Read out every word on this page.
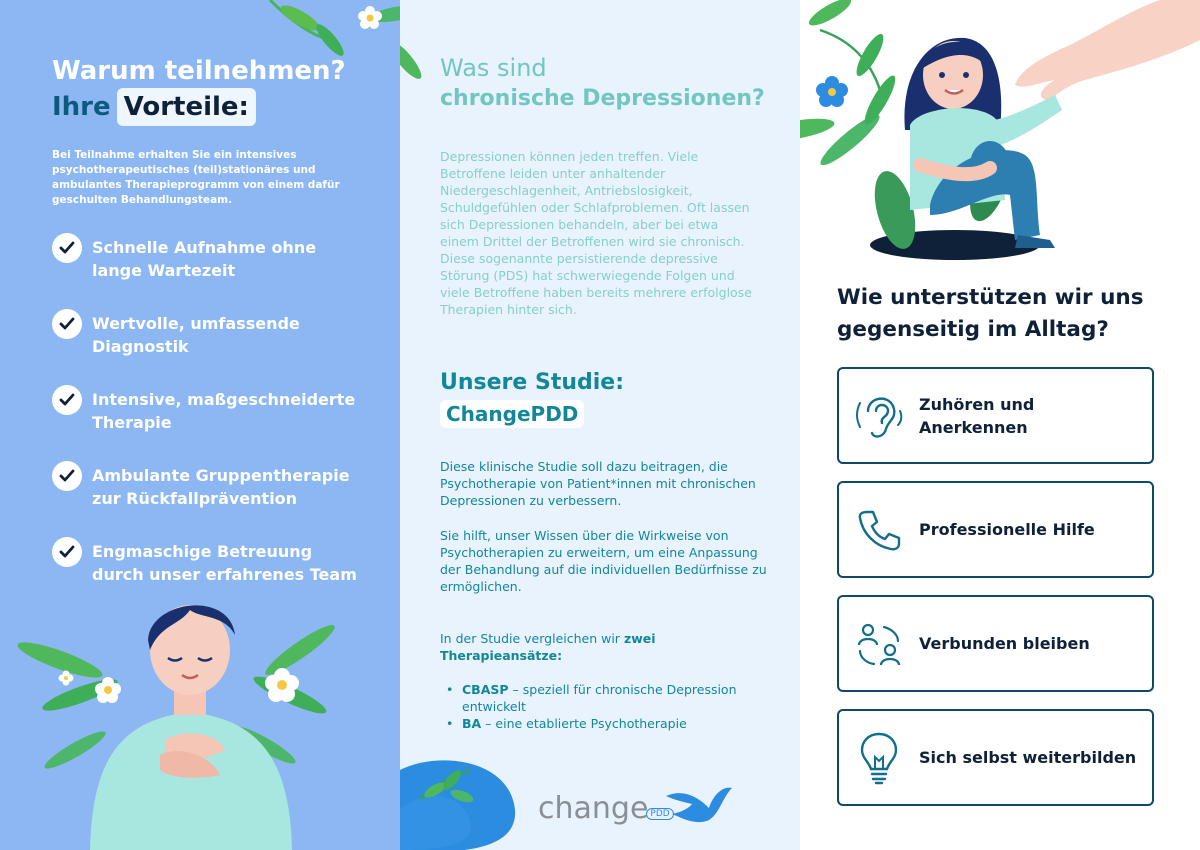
Warum teilnehmen?
Ihre Vorteile:
Bei Teilnahme erhalten Sie ein intensives psychotherapeutisches (teil)stationäres und ambulantes Therapieprogramm von einem dafür geschulten Behandlungsteam.
Schnelle Aufnahme ohne
lange Wartezeit
Wertvolle, umfassende
Diagnostik
Intensive, maßgeschneiderte
Therapie
Ambulante Gruppentherapie
zur Rückfallprävention
Engmaschige Betreuung
durch unser erfahrenes Team
Was sind
chronische Depressionen?
Depressionen können jeden treffen. Viele Betroffene leiden unter anhaltender Niedergeschlagenheit, Antriebslosigkeit, Schuldgefühlen oder Schlafproblemen. Oft lassen sich Depressionen behandeln, aber bei etwa einem Drittel der Betroffenen wird sie chronisch. Diese sogenannte persistierende depressive Störung (PDS) hat schwerwiegende Folgen und viele Betroffene haben bereits mehrere erfolglose Therapien hinter sich.
Unsere Studie:
ChangePDD
Diese klinische Studie soll dazu beitragen, die Psychotherapie von Patient*innen mit chronischen Depressionen zu verbessern.
Sie hilft, unser Wissen über die Wirkweise von Psychotherapien zu erweitern, um eine Anpassung der Behandlung auf die individuellen Bedürfnisse zu ermöglichen.
In der Studie vergleichen wir zwei Therapieansätze:
• CBASP – speziell für chronische Depression entwickelt
• BA – eine etablierte Psychotherapie
change PDD
Wie unterstützen wir uns gegenseitig im Alltag?
Zuhören und
Anerkennen
Professionelle Hilfe
Verbunden bleiben
Sich selbst weiterbilden
